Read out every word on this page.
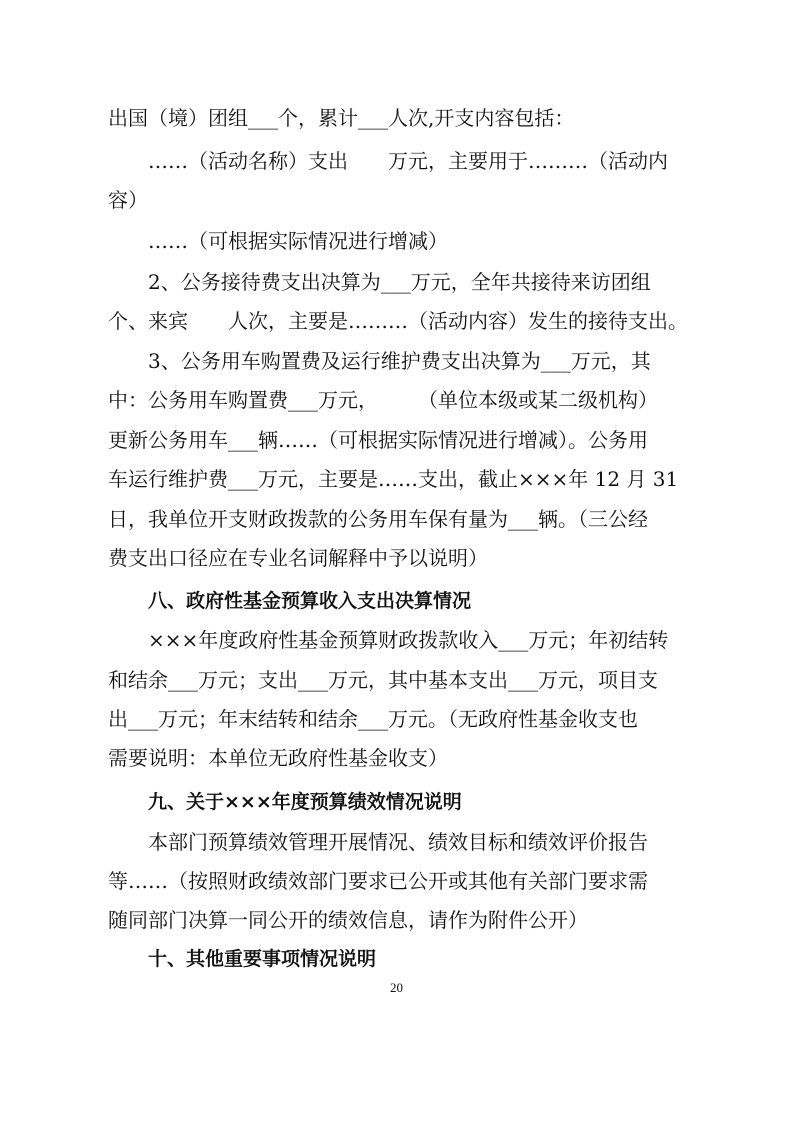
出国（境）团组___个，累计___人次,开支内容包括：
……（活动名称）支出　　万元，主要用于………（活动内
容）
……（可根据实际情况进行增减）
2、公务接待费支出决算为___万元，全年共接待来访团组
个、来宾　　人次，主要是………（活动内容）发生的接待支出。
3、公务用车购置费及运行维护费支出决算为___万元，其
中：公务用车购置费___万元，　　　（单位本级或某二级机构）
更新公务用车___辆……（可根据实际情况进行增减）。公务用
车运行维护费___万元，主要是……支出，截止×××年 12 月 31
日，我单位开支财政拨款的公务用车保有量为___辆。（三公经
费支出口径应在专业名词解释中予以说明）
八、政府性基金预算收入支出决算情况
×××年度政府性基金预算财政拨款收入___万元；年初结转
和结余___万元；支出___万元，其中基本支出___万元，项目支
出___万元；年末结转和结余___万元。（无政府性基金收支也
需要说明：本单位无政府性基金收支）
九、关于×××年度预算绩效情况说明
本部门预算绩效管理开展情况、绩效目标和绩效评价报告
等……（按照财政绩效部门要求已公开或其他有关部门要求需
随同部门决算一同公开的绩效信息，请作为附件公开）
十、其他重要事项情况说明
20
